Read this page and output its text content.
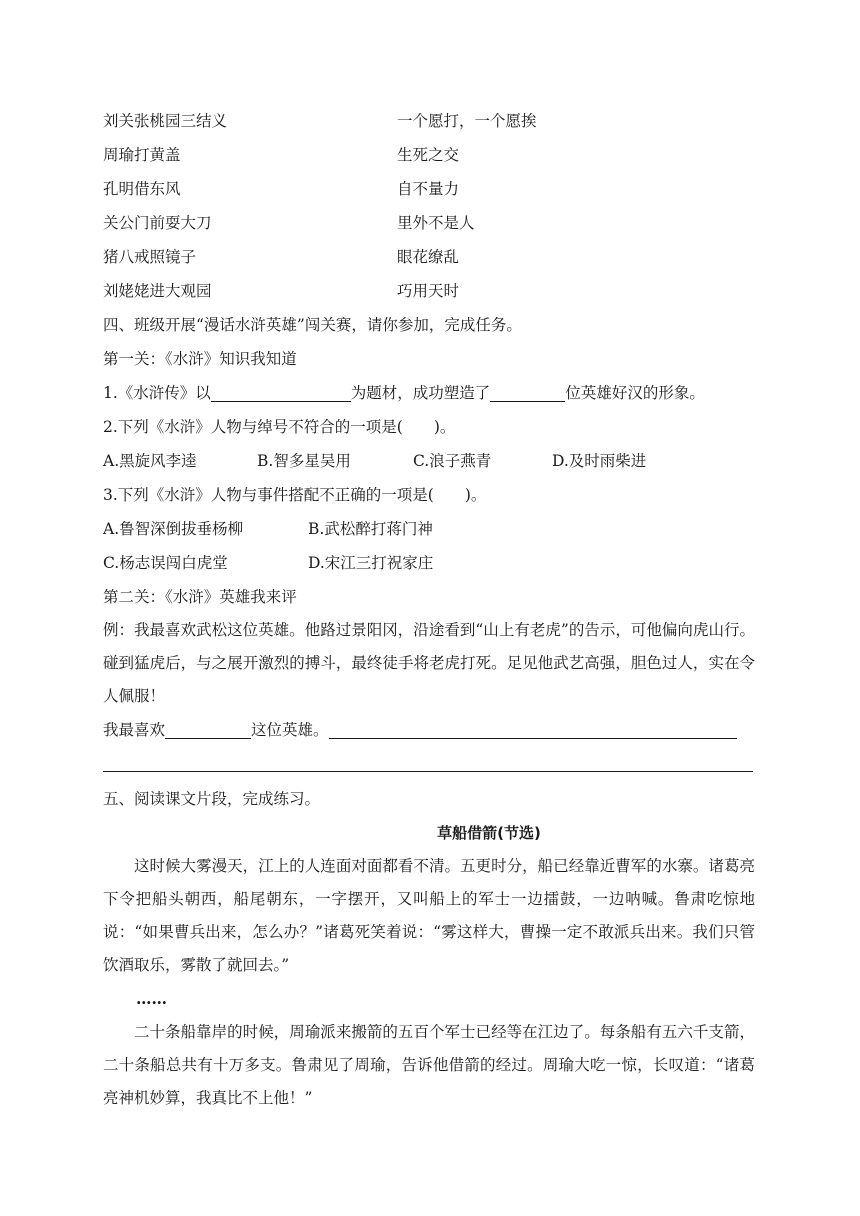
刘关张桃园三结义	一个愿打，一个愿挨
周瑜打黄盖	生死之交
孔明借东风	自不量力
关公门前耍大刀	里外不是人
猪八戒照镜子	眼花缭乱
刘姥姥进大观园	巧用天时
四、班级开展“漫话水浒英雄”闯关赛，请你参加，完成任务。
第一关：《水浒》知识我知道
1.《水浒传》以	为题材，成功塑造了	位英雄好汉的形象。
2.下列《水浒》人物与绰号不符合的一项是(　　)。
A.黑旋风李逵	B.智多星吴用	C.浪子燕青	D.及时雨柴进
3.下列《水浒》人物与事件搭配不正确的一项是(　　)。
A.鲁智深倒拔垂杨柳	B.武松醉打蒋门神
C.杨志误闯白虎堂	D.宋江三打祝家庄
第二关：《水浒》英雄我来评

例：我最喜欢武松这位英雄。他路过景阳冈，沿途看到“山上有老虎”的告示，可他偏向虎山行。碰到猛虎后，与之展开激烈的搏斗，最终徒手将老虎打死。足见他武艺高强，胆色过人，实在令人佩服！

我最喜欢	这位英雄。
五、阅读课文片段，完成练习。
草船借箭(节选)

这时候大雾漫天，江上的人连面对面都看不清。五更时分，船已经靠近曹军的水寨。诸葛亮下令把船头朝西，船尾朝东，一字摆开，又叫船上的军士一边擂鼓，一边呐喊。鲁肃吃惊地说：“如果曹兵出来，怎么办？”诸葛死笑着说：“雾这样大，曹操一定不敢派兵出来。我们只管饮酒取乐，雾散了就回去。”

……

二十条船靠岸的时候，周瑜派来搬箭的五百个军士已经等在江边了。每条船有五六千支箭，二十条船总共有十万多支。鲁肃见了周瑜，告诉他借箭的经过。周瑜大吃一惊，长叹道：“诸葛亮神机妙算，我真比不上他！”
